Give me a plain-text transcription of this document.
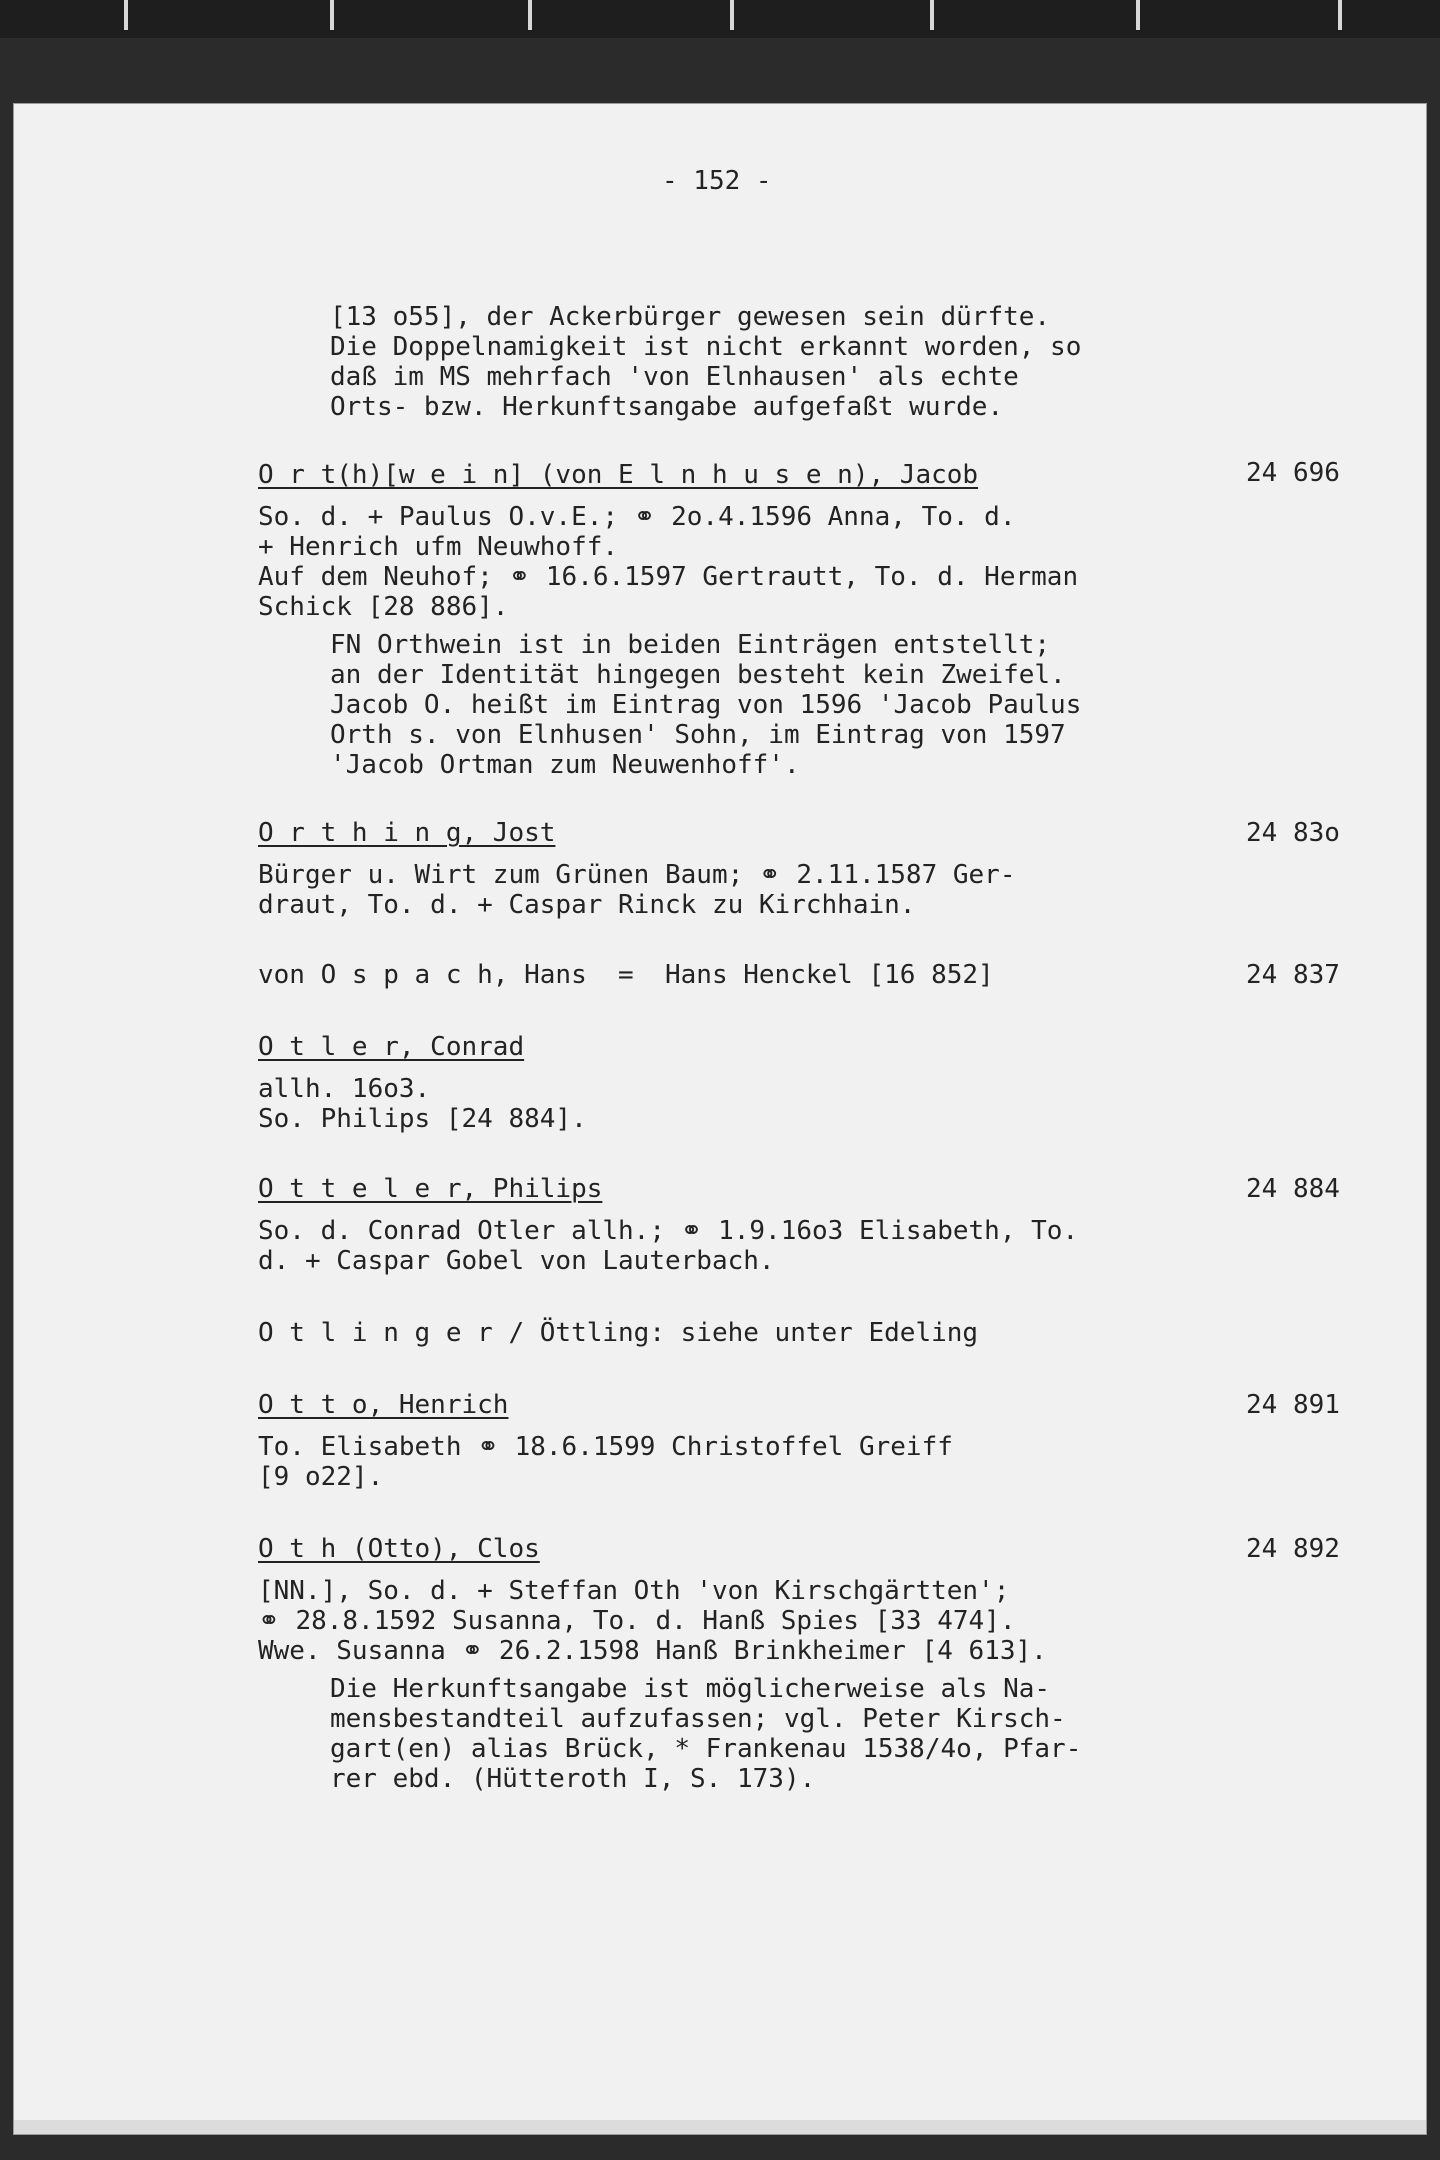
- 152 -
[13 o55], der Ackerbürger gewesen sein dürfte.
Die Doppelnamigkeit ist nicht erkannt worden, so
daß im MS mehrfach 'von Elnhausen' als echte
Orts- bzw. Herkunftsangabe aufgefaßt wurde.
O r t(h)[w e i n] (von E l n h u s e n), Jacob	24 696
So. d. + Paulus O.v.E.; ⚭ 2o.4.1596 Anna, To. d.
+ Henrich ufm Neuwhoff.
Auf dem Neuhof; ⚭ 16.6.1597 Gertrautt, To. d. Herman
Schick [28 886].
FN Orthwein ist in beiden Einträgen entstellt;
an der Identität hingegen besteht kein Zweifel.
Jacob O. heißt im Eintrag von 1596 'Jacob Paulus
Orth s. von Elnhusen' Sohn, im Eintrag von 1597
'Jacob Ortman zum Neuwenhoff'.
O r t h i n g, Jost	24 83o
Bürger u. Wirt zum Grünen Baum; ⚭ 2.11.1587 Ger-
draut, To. d. + Caspar Rinck zu Kirchhain.
von O s p a c h, Hans  =  Hans Henckel [16 852]	24 837
O t l e r, Conrad
allh. 16o3.
So. Philips [24 884].
O t t e l e r, Philips	24 884
So. d. Conrad Otler allh.; ⚭ 1.9.16o3 Elisabeth, To.
d. + Caspar Gobel von Lauterbach.
O t l i n g e r / Öttling: siehe unter Edeling
O t t o, Henrich	24 891
To. Elisabeth ⚭ 18.6.1599 Christoffel Greiff
[9 o22].
O t h (Otto), Clos	24 892
[NN.], So. d. + Steffan Oth 'von Kirschgärtten';
⚭ 28.8.1592 Susanna, To. d. Hanß Spies [33 474].
Wwe. Susanna ⚭ 26.2.1598 Hanß Brinkheimer [4 613].
Die Herkunftsangabe ist möglicherweise als Na-
mensbestandteil aufzufassen; vgl. Peter Kirsch-
gart(en) alias Brück, * Frankenau 1538/4o, Pfar-
rer ebd. (Hütteroth I, S. 173).
